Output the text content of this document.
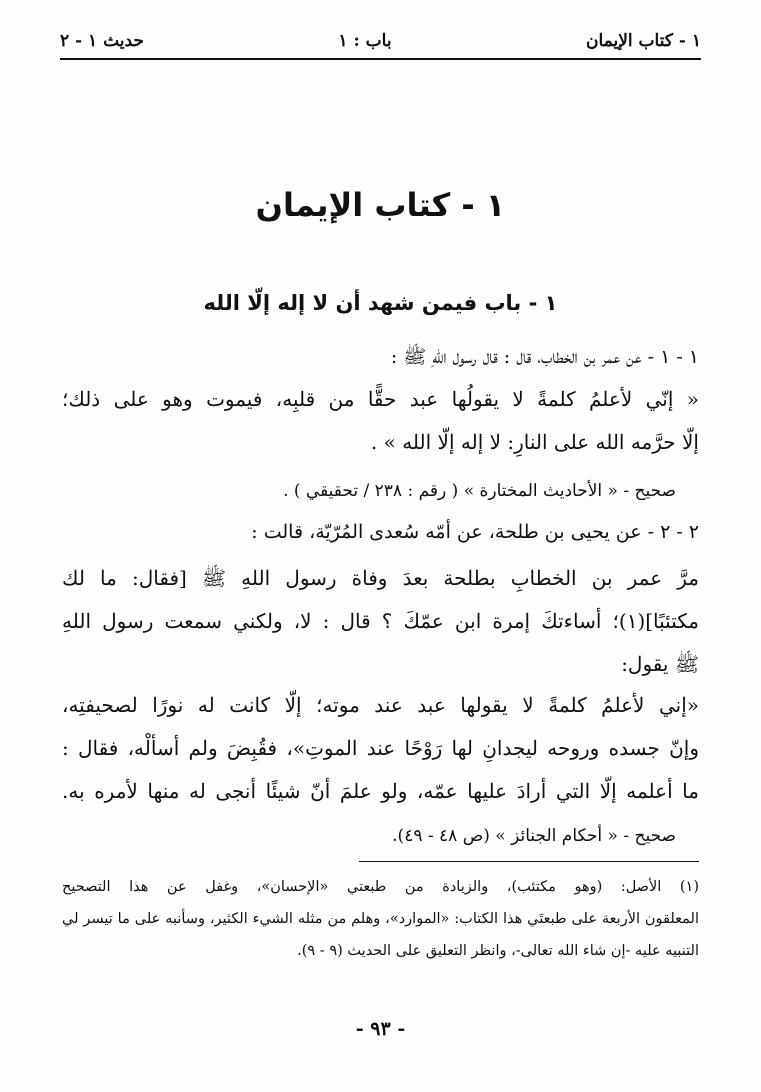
١ - كتاب الإيمان
باب : ١
حديث ١ - ٢
١ - كتاب الإيمان
١ - باب فيمن شهد أن لا إله إلّا الله
١ - ١ - عن عمر بن الخطاب، قال : قال رسول اللهِ ﷺ :
« إنّي لأعلمُ كلمةً لا يقولُها عبد حقًّا من قلبِه، فيموت وهو على ذلك؛
إلّا حرَّمه الله على النارِ: لا إله إلّا الله » .
صحيح - « الأحاديث المختارة » ( رقم : ٢٣٨ / تحقيقي ) .
٢ - ٢ - عن يحيى بن طلحة، عن أمّه سُعدى المُرّيّة، قالت :
مرَّ عمر بن الخطابِ بطلحة بعدَ وفاة رسول اللهِ ﷺ [فقال: ما لك
مكتئبًا](١)؛ أساءتكَ إمرة ابن عمّكَ ؟ قال : لا، ولكني سمعت رسول اللهِ
ﷺ يقول:
«إني لأعلمُ كلمةً لا يقولها عبد عند موته؛ إلّا كانت له نورًا لصحيفتِه،
وإنّ جسده وروحه ليجدانِ لها رَوْحًا عند الموتِ»، فقُبِضَ ولم أسألْه، فقال :
ما أعلمه إلّا التي أرادَ عليها عمّه، ولو علمَ أنّ شيئًا أنجى له منها لأمره به.
صحيح - « أحكام الجنائز » (ص ٤٨ - ٤٩).
(١) الأصل: (وهو مكتئب)، والزيادة من طبعتي «الإحسان»، وغفل عن هذا التصحيح
المعلقون الأربعة على طبعتَي هذا الكتاب: «الموارد»، وهلم من مثله الشيء الكثير، وسأنبه على ما تيسر لي
التنبيه عليه -إن شاء الله تعالى-، وانظر التعليق على الحديث (٩ - ٩).
- ٩٣ -
